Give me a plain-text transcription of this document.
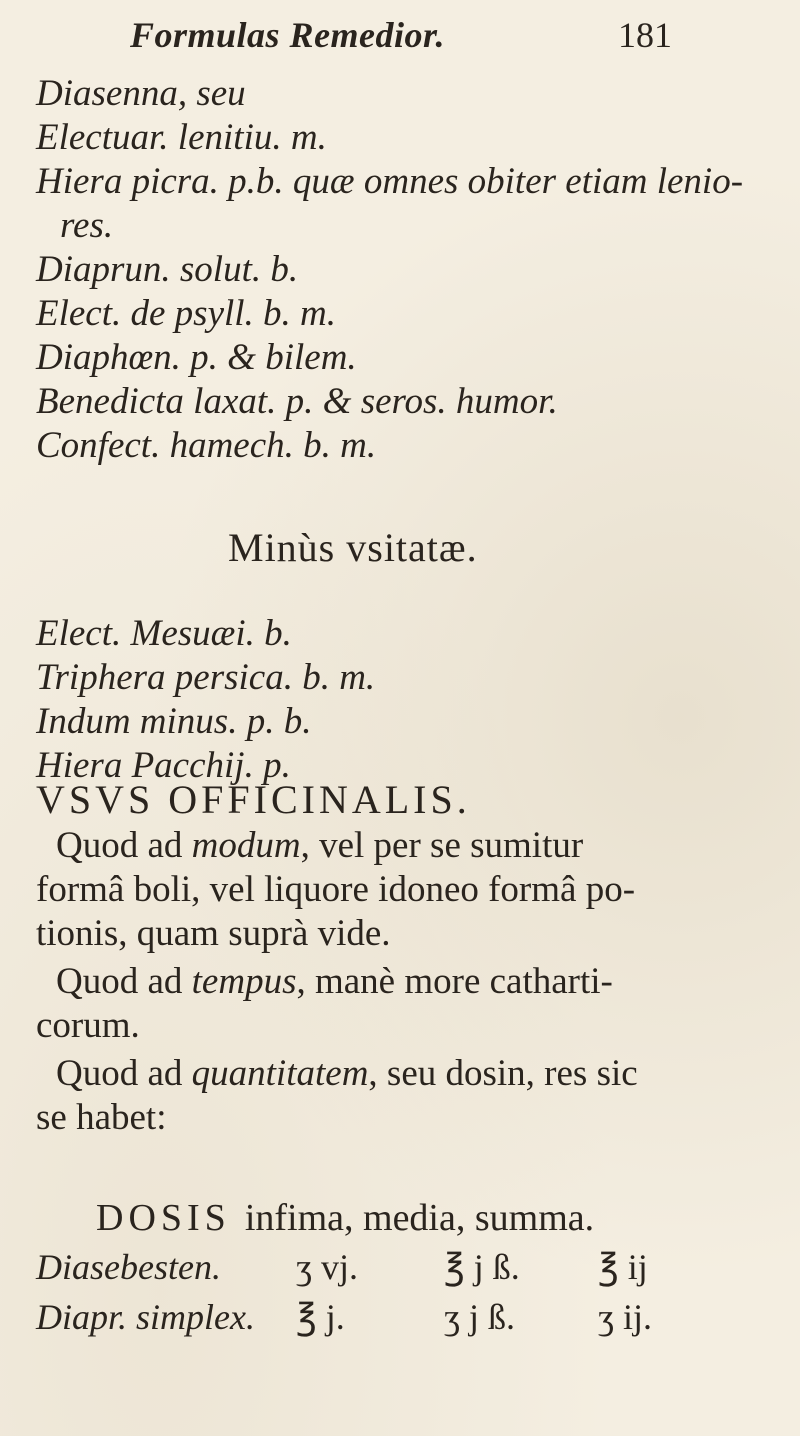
Formulas Remedior.	181
Diasenna, seu
Electuar. lenitiu. m.
Hiera picra. p.b. quæ omnes obiter etiam lenio-
res.
Diaprun. solut. b.
Elect. de psyll. b. m.
Diaphœn. p. & bilem.
Benedicta laxat. p. & seros. humor.
Confect. hamech. b. m.
Minùs vsitatæ.
Elect. Mesuæi. b.
Triphera persica. b. m.
Indum minus. p. b.
Hiera Pacchij. p.
VSVS OFFICINALIS.
Quod ad modum, vel per se sumitur
formâ boli, vel liquore idoneo formâ po-
tionis, quam suprà vide.
Quod ad tempus, manè more catharti-
corum.
Quod ad quantitatem, seu dosin, res sic
se habet:
DOSIS infima, media, summa.
Diasebesten. ʒ vj. ℥ j ß. ℥ ij
Diapr. simplex. ℥ j.	ʒ j ß. ʒ ij.
